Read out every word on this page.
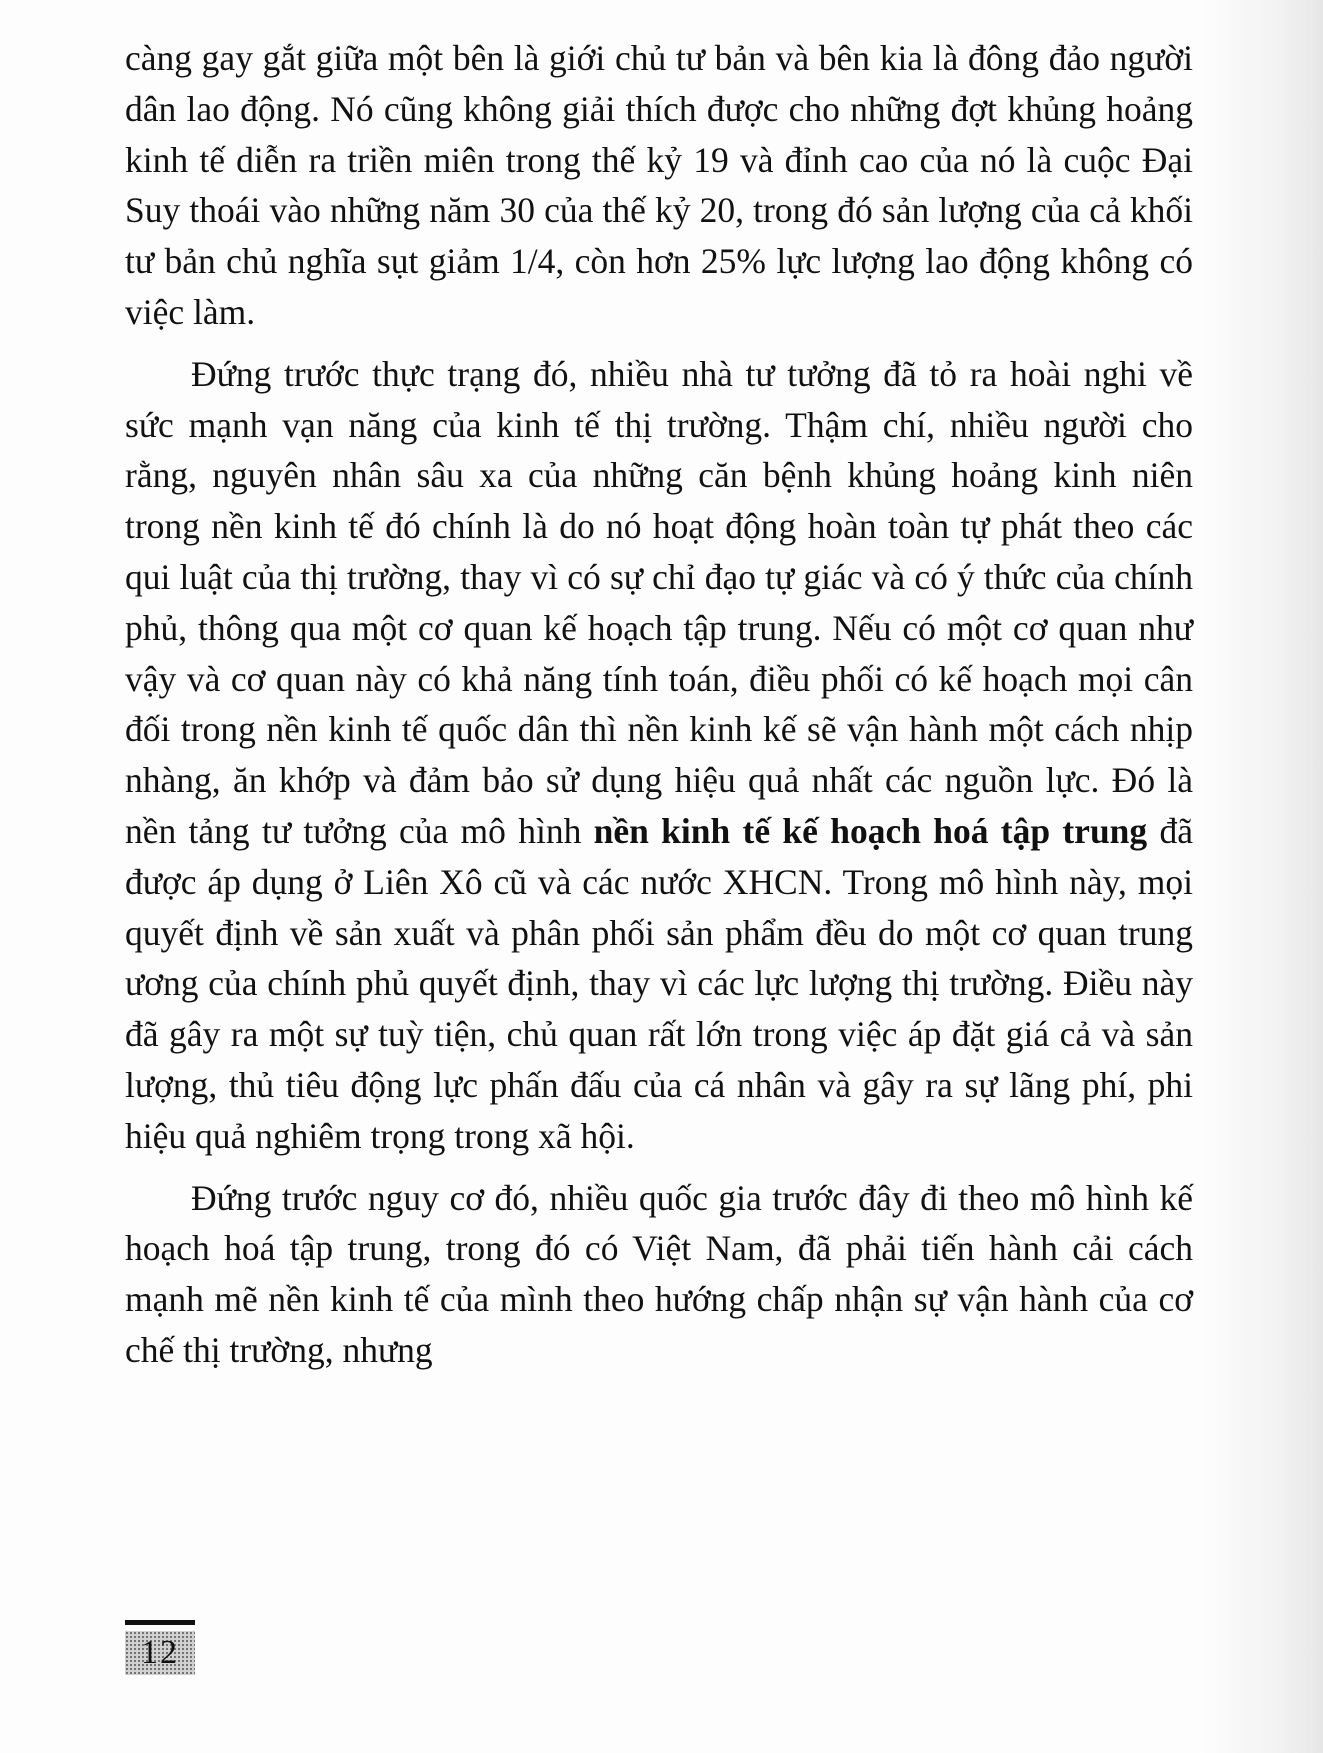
càng gay gắt giữa một bên là giới chủ tư bản và bên kia là đông đảo người dân lao động. Nó cũng không giải thích được cho những đợt khủng hoảng kinh tế diễn ra triền miên trong thế kỷ 19 và đỉnh cao của nó là cuộc Đại Suy thoái vào những năm 30 của thế kỷ 20, trong đó sản lượng của cả khối tư bản chủ nghĩa sụt giảm 1/4, còn hơn 25% lực lượng lao động không có việc làm.

Đứng trước thực trạng đó, nhiều nhà tư tưởng đã tỏ ra hoài nghi về sức mạnh vạn năng của kinh tế thị trường. Thậm chí, nhiều người cho rằng, nguyên nhân sâu xa của những căn bệnh khủng hoảng kinh niên trong nền kinh tế đó chính là do nó hoạt động hoàn toàn tự phát theo các qui luật của thị trường, thay vì có sự chỉ đạo tự giác và có ý thức của chính phủ, thông qua một cơ quan kế hoạch tập trung. Nếu có một cơ quan như vậy và cơ quan này có khả năng tính toán, điều phối có kế hoạch mọi cân đối trong nền kinh tế quốc dân thì nền kinh kế sẽ vận hành một cách nhịp nhàng, ăn khớp và đảm bảo sử dụng hiệu quả nhất các nguồn lực. Đó là nền tảng tư tưởng của mô hình nền kinh tế kế hoạch hoá tập trung đã được áp dụng ở Liên Xô cũ và các nước XHCN. Trong mô hình này, mọi quyết định về sản xuất và phân phối sản phẩm đều do một cơ quan trung ương của chính phủ quyết định, thay vì các lực lượng thị trường. Điều này đã gây ra một sự tuỳ tiện, chủ quan rất lớn trong việc áp đặt giá cả và sản lượng, thủ tiêu động lực phấn đấu của cá nhân và gây ra sự lãng phí, phi hiệu quả nghiêm trọng trong xã hội.

Đứng trước nguy cơ đó, nhiều quốc gia trước đây đi theo mô hình kế hoạch hoá tập trung, trong đó có Việt Nam, đã phải tiến hành cải cách mạnh mẽ nền kinh tế của mình theo hướng chấp nhận sự vận hành của cơ chế thị trường, nhưng

12
